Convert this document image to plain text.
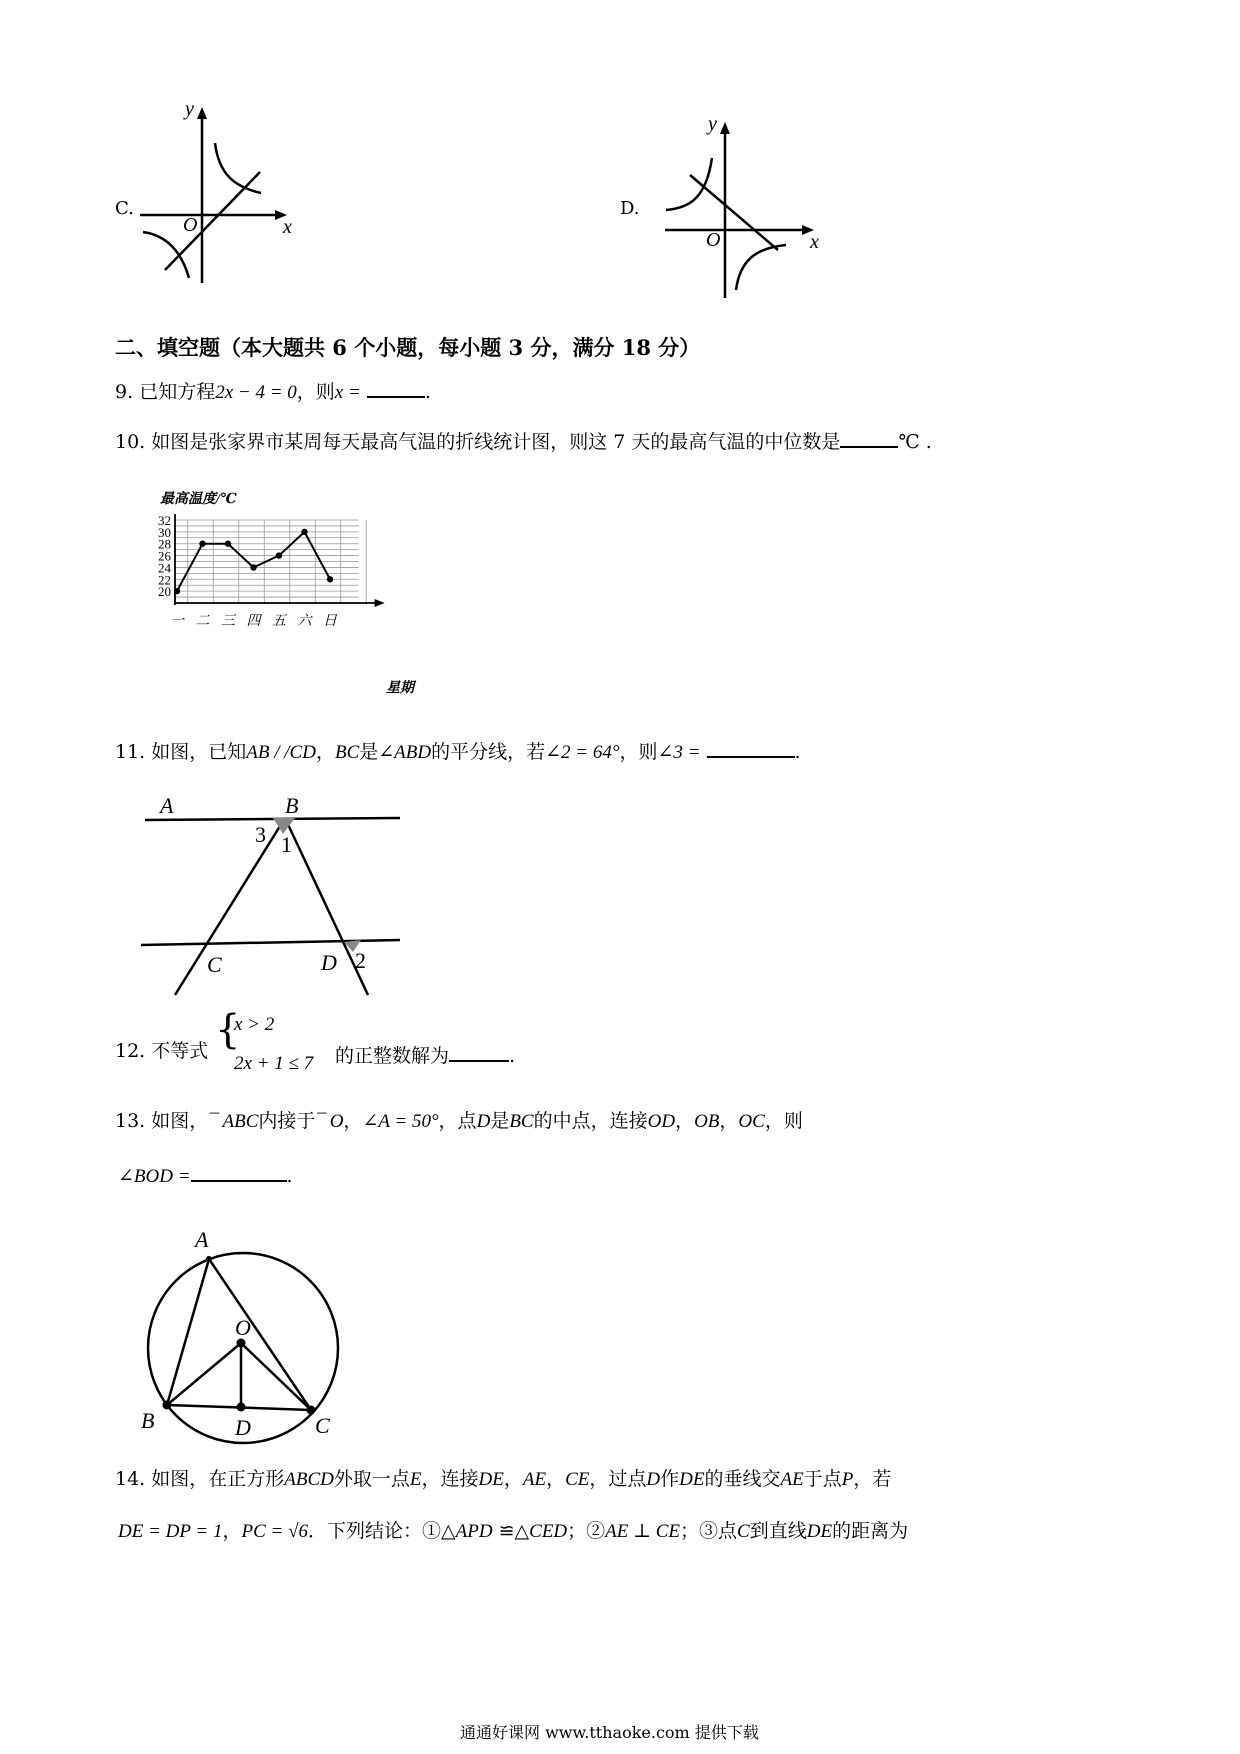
C.
y
x
O
D.
y
x
O
二、填空题（本大题共 6 个小题，每小题 3 分，满分 18 分）
9. 已知方程2x − 4 = 0，则x =	.
10. 如图是张家界市某周每天最高气温的折线统计图，则这 7 天的最高气温的中位数是	℃ .
20
22
24
26
28
30
32
一 二 三 四 五 六 日
最高温度/℃
星期
11. 如图，已知AB / /CD，BC是∠ABD的平分线，若∠2 = 64°，则∠3 =	.
A	B
3 1
C	D 2
12. 不等式 {
x > 2
2x + 1 ≤ 7 的正整数解为	.
13. 如图，¯ ABC内接于¯ O，∠A = 50°，点D是BC的中点，连接OD，OB，OC，则
∠BOD =	.
A
O
B	D	C
14. 如图，在正方形ABCD外取一点E，连接DE，AE，CE，过点D作DE的垂线交AE于点P，若
DE = DP = 1，PC = √6．下列结论：①△APD ≌△CED；②AE ⊥ CE；③点C到直线DE的距离为
通通好课网 www.tthaoke.com 提供下载
